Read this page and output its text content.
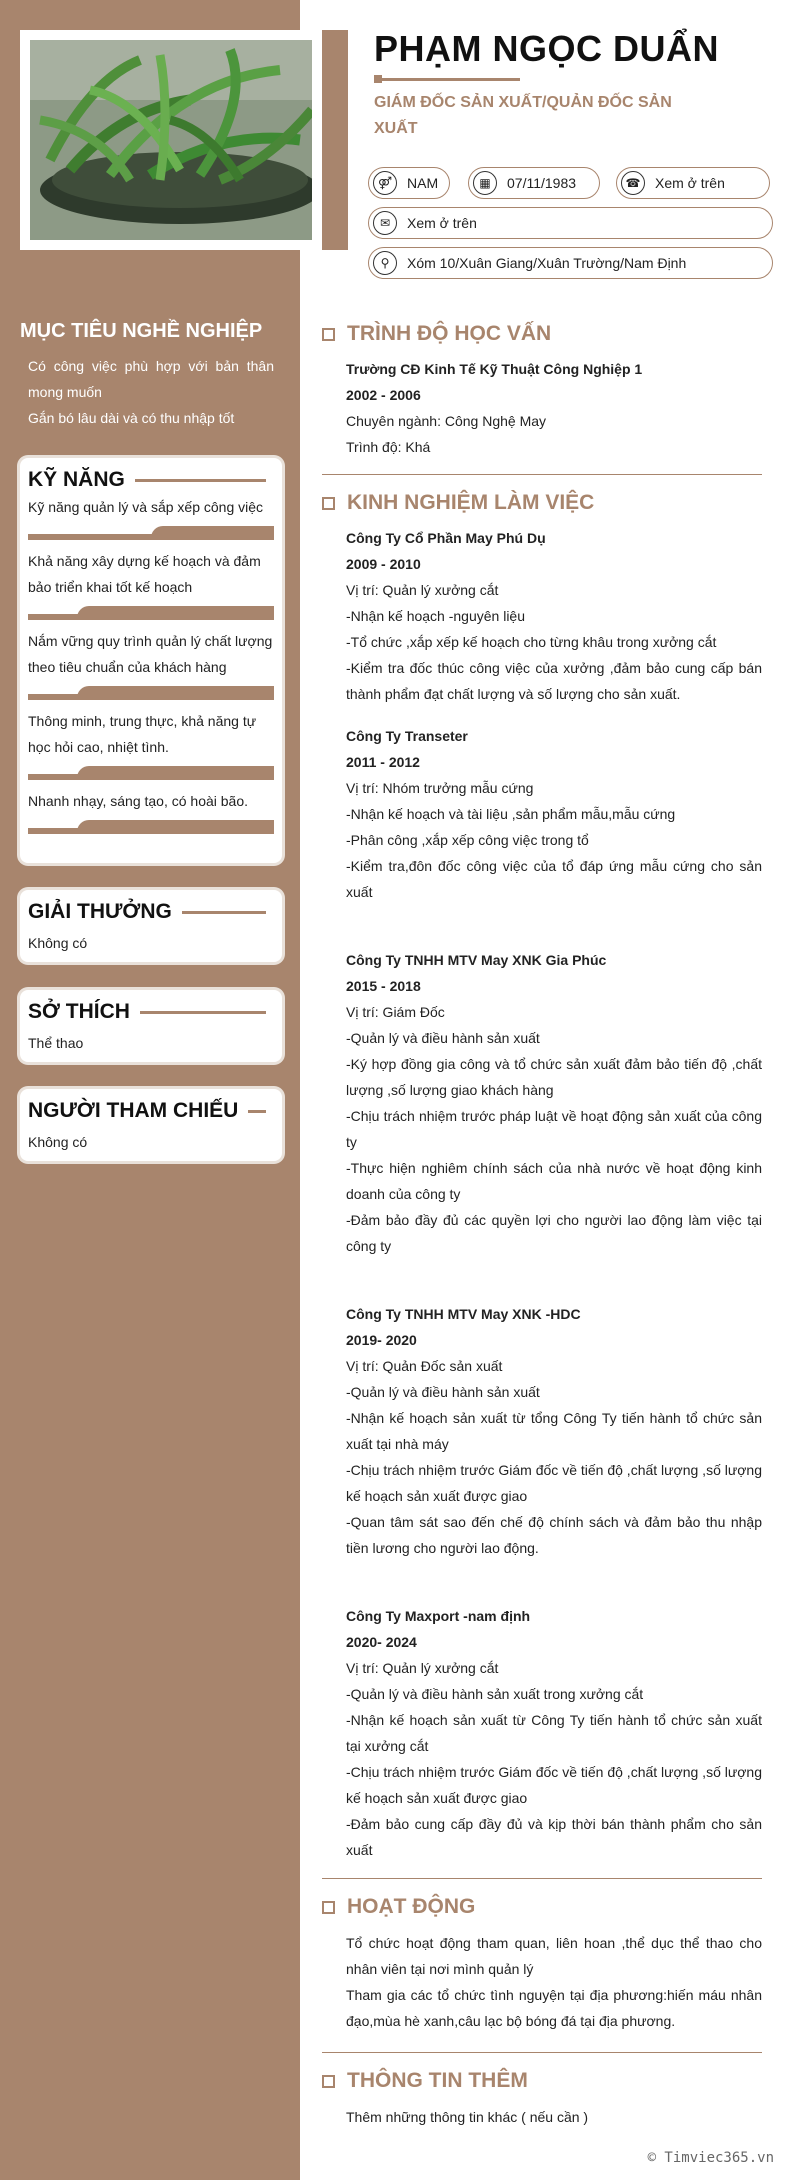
PHẠM NGỌC DUẨN
GIÁM ĐỐC SẢN XUẤT/QUẢN ĐỐC SẢN XUẤT
⚤	NAM	▦	07/11/1983	☎	Xem ở trên
✉	Xem ở trên
⚲	Xóm 10/Xuân Giang/Xuân Trường/Nam Định
MỤC TIÊU NGHỀ NGHIỆP
Có công việc phù hợp với bản thân mong muốn
Gắn bó lâu dài và có thu nhập tốt
KỸ NĂNG
Kỹ năng quản lý và sắp xếp công việc
Khả năng xây dựng kế hoạch và đảm bảo triển khai tốt kế hoạch
Nắm vững quy trình quản lý chất lượng theo tiêu chuẩn của khách hàng
Thông minh, trung thực, khả năng tự học hỏi cao, nhiệt tình.
Nhanh nhạy, sáng tạo, có hoài bão.
GIẢI THƯỞNG
Không có
SỞ THÍCH
Thể thao
NGƯỜI THAM CHIẾU
Không có
TRÌNH ĐỘ HỌC VẤN
Trường CĐ Kinh Tế Kỹ Thuật Công Nghiệp 1
2002 - 2006
Chuyên ngành: Công Nghệ May
Trình độ: Khá
KINH NGHIỆM LÀM VIỆC
Công Ty Cổ Phần May Phú Dụ
2009 - 2010
Vị trí: Quản lý xưởng cắt
-Nhận kế hoạch -nguyên liệu
-Tổ chức ,xắp xếp kế hoạch cho từng khâu trong xưởng cắt
-Kiểm tra đốc thúc công việc của xưởng ,đảm bảo cung cấp bán thành phẩm đạt chất lượng và số lượng cho sản xuất.
Công Ty Transeter
2011 - 2012
Vị trí: Nhóm trưởng mẫu cứng
-Nhận kế hoạch và tài liệu ,sản phẩm mẫu,mẫu cứng
-Phân công ,xắp xếp công việc trong tổ
-Kiểm tra,đôn đốc công việc của tổ đáp ứng mẫu cứng cho sản xuất
Công Ty TNHH MTV May XNK Gia Phúc
2015 - 2018
Vị trí: Giám Đốc
-Quản lý và điều hành sản xuất
-Ký hợp đồng gia công và tổ chức sản xuất đảm bảo tiến độ ,chất lượng ,số lượng giao khách hàng
-Chịu trách nhiệm trước pháp luật về hoạt động sản xuất của công ty
-Thực hiện nghiêm chính sách của nhà nước về hoạt động kinh doanh của công ty
-Đảm bảo đầy đủ các quyền lợi cho người lao động làm việc tại công ty
Công Ty TNHH MTV May XNK -HDC
2019- 2020
Vị trí: Quản Đốc sản xuất
-Quản lý và điều hành sản xuất
-Nhận kế hoạch sản xuất từ tổng Công Ty tiến hành tổ chức sản xuất tại nhà máy
-Chịu trách nhiệm trước Giám đốc về tiến độ ,chất lượng ,số lượng kế hoạch sản xuất được giao
-Quan tâm sát sao đến chế độ chính sách và đảm bảo thu nhập tiền lương cho người lao động.
Công Ty Maxport -nam định
2020- 2024
Vị trí: Quản lý xưởng cắt
-Quản lý và điều hành sản xuất trong xưởng cắt
-Nhận kế hoạch sản xuất từ Công Ty tiến hành tổ chức sản xuất tại xưởng cắt
-Chịu trách nhiệm trước Giám đốc về tiến độ ,chất lượng ,số lượng kế hoạch sản xuất được giao
-Đảm bảo cung cấp đầy đủ và kịp thời bán thành phẩm cho sản xuất
HOẠT ĐỘNG
Tổ chức hoạt động tham quan, liên hoan ,thể dục thể thao cho nhân viên tại nơi mình quản lý
Tham gia các tổ chức tình nguyện tại địa phương:hiến máu nhân đạo,mùa hè xanh,câu lạc bộ bóng đá tại địa phương.
THÔNG TIN THÊM
Thêm những thông tin khác ( nếu cần )
© Timviec365.vn
